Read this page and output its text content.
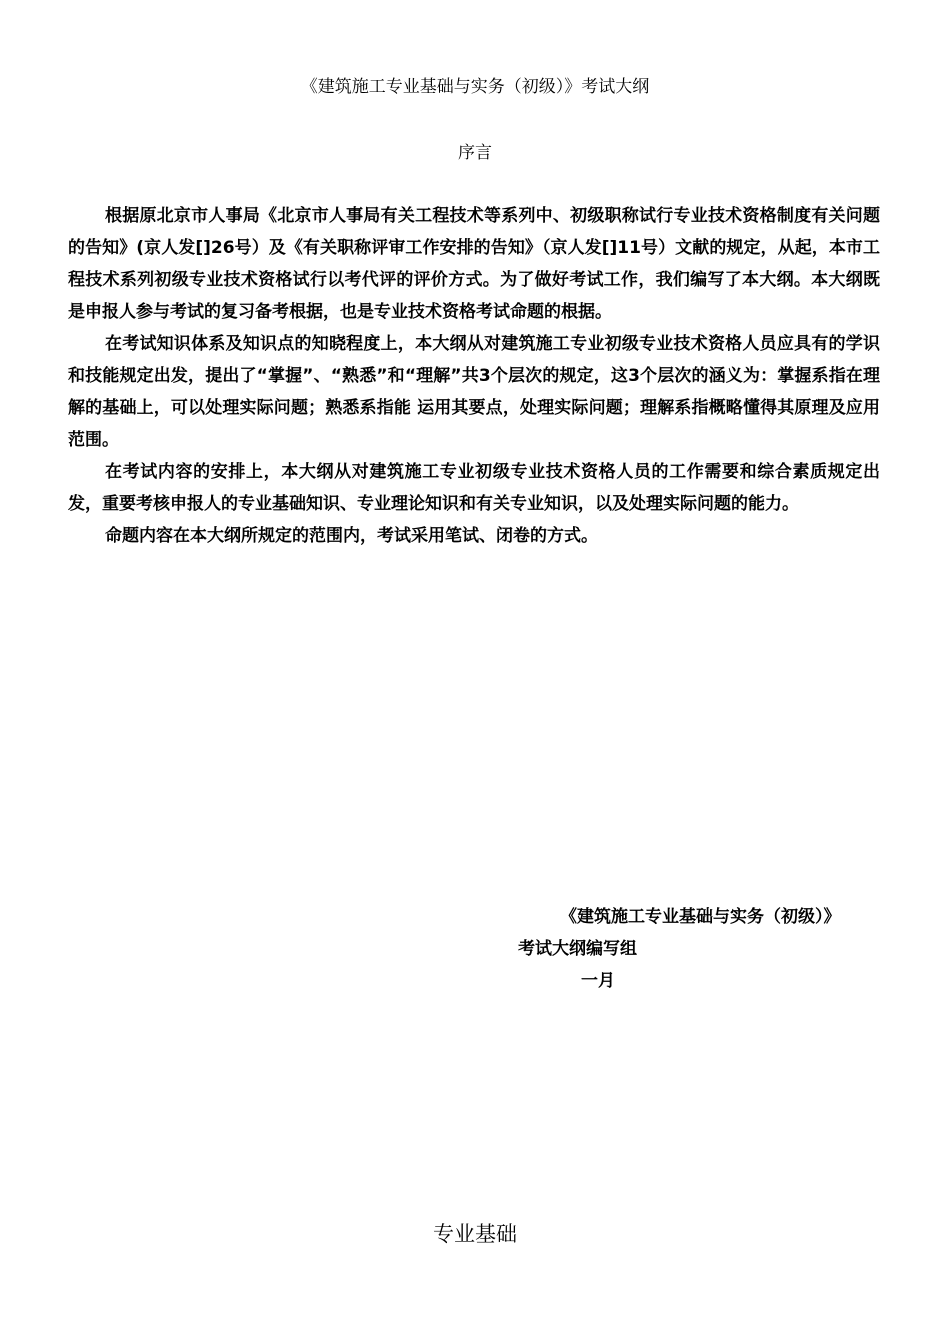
《建筑施工专业基础与实务（初级）》考试大纲
序言

根据原北京市人事局《北京市人事局有关工程技术等系列中、初级职称试行专业技术资格制度有关问题的告知》(京人发[]26号）及《有关职称评审工作安排的告知》（京人发[]11号）文献的规定，从起，本市工程技术系列初级专业技术资格试行以考代评的评价方式。为了做好考试工作，我们编写了本大纲。本大纲既是申报人参与考试的复习备考根据，也是专业技术资格考试命题的根据。

在考试知识体系及知识点的知晓程度上，本大纲从对建筑施工专业初级专业技术资格人员应具有的学识和技能规定出发，提出了“掌握”、“熟悉”和“理解”共3个层次的规定，这3个层次的涵义为：掌握系指在理解的基础上，可以处理实际问题；熟悉系指能 运用其要点，处理实际问题；理解系指概略懂得其原理及应用范围。

在考试内容的安排上，本大纲从对建筑施工专业初级专业技术资格人员的工作需要和综合素质规定出发，重要考核申报人的专业基础知识、专业理论知识和有关专业知识，以及处理实际问题的能力。

命题内容在本大纲所规定的范围内，考试采用笔试、闭卷的方式。

《建筑施工专业基础与实务（初级）》
考试大纲编写组
一月
专业基础
